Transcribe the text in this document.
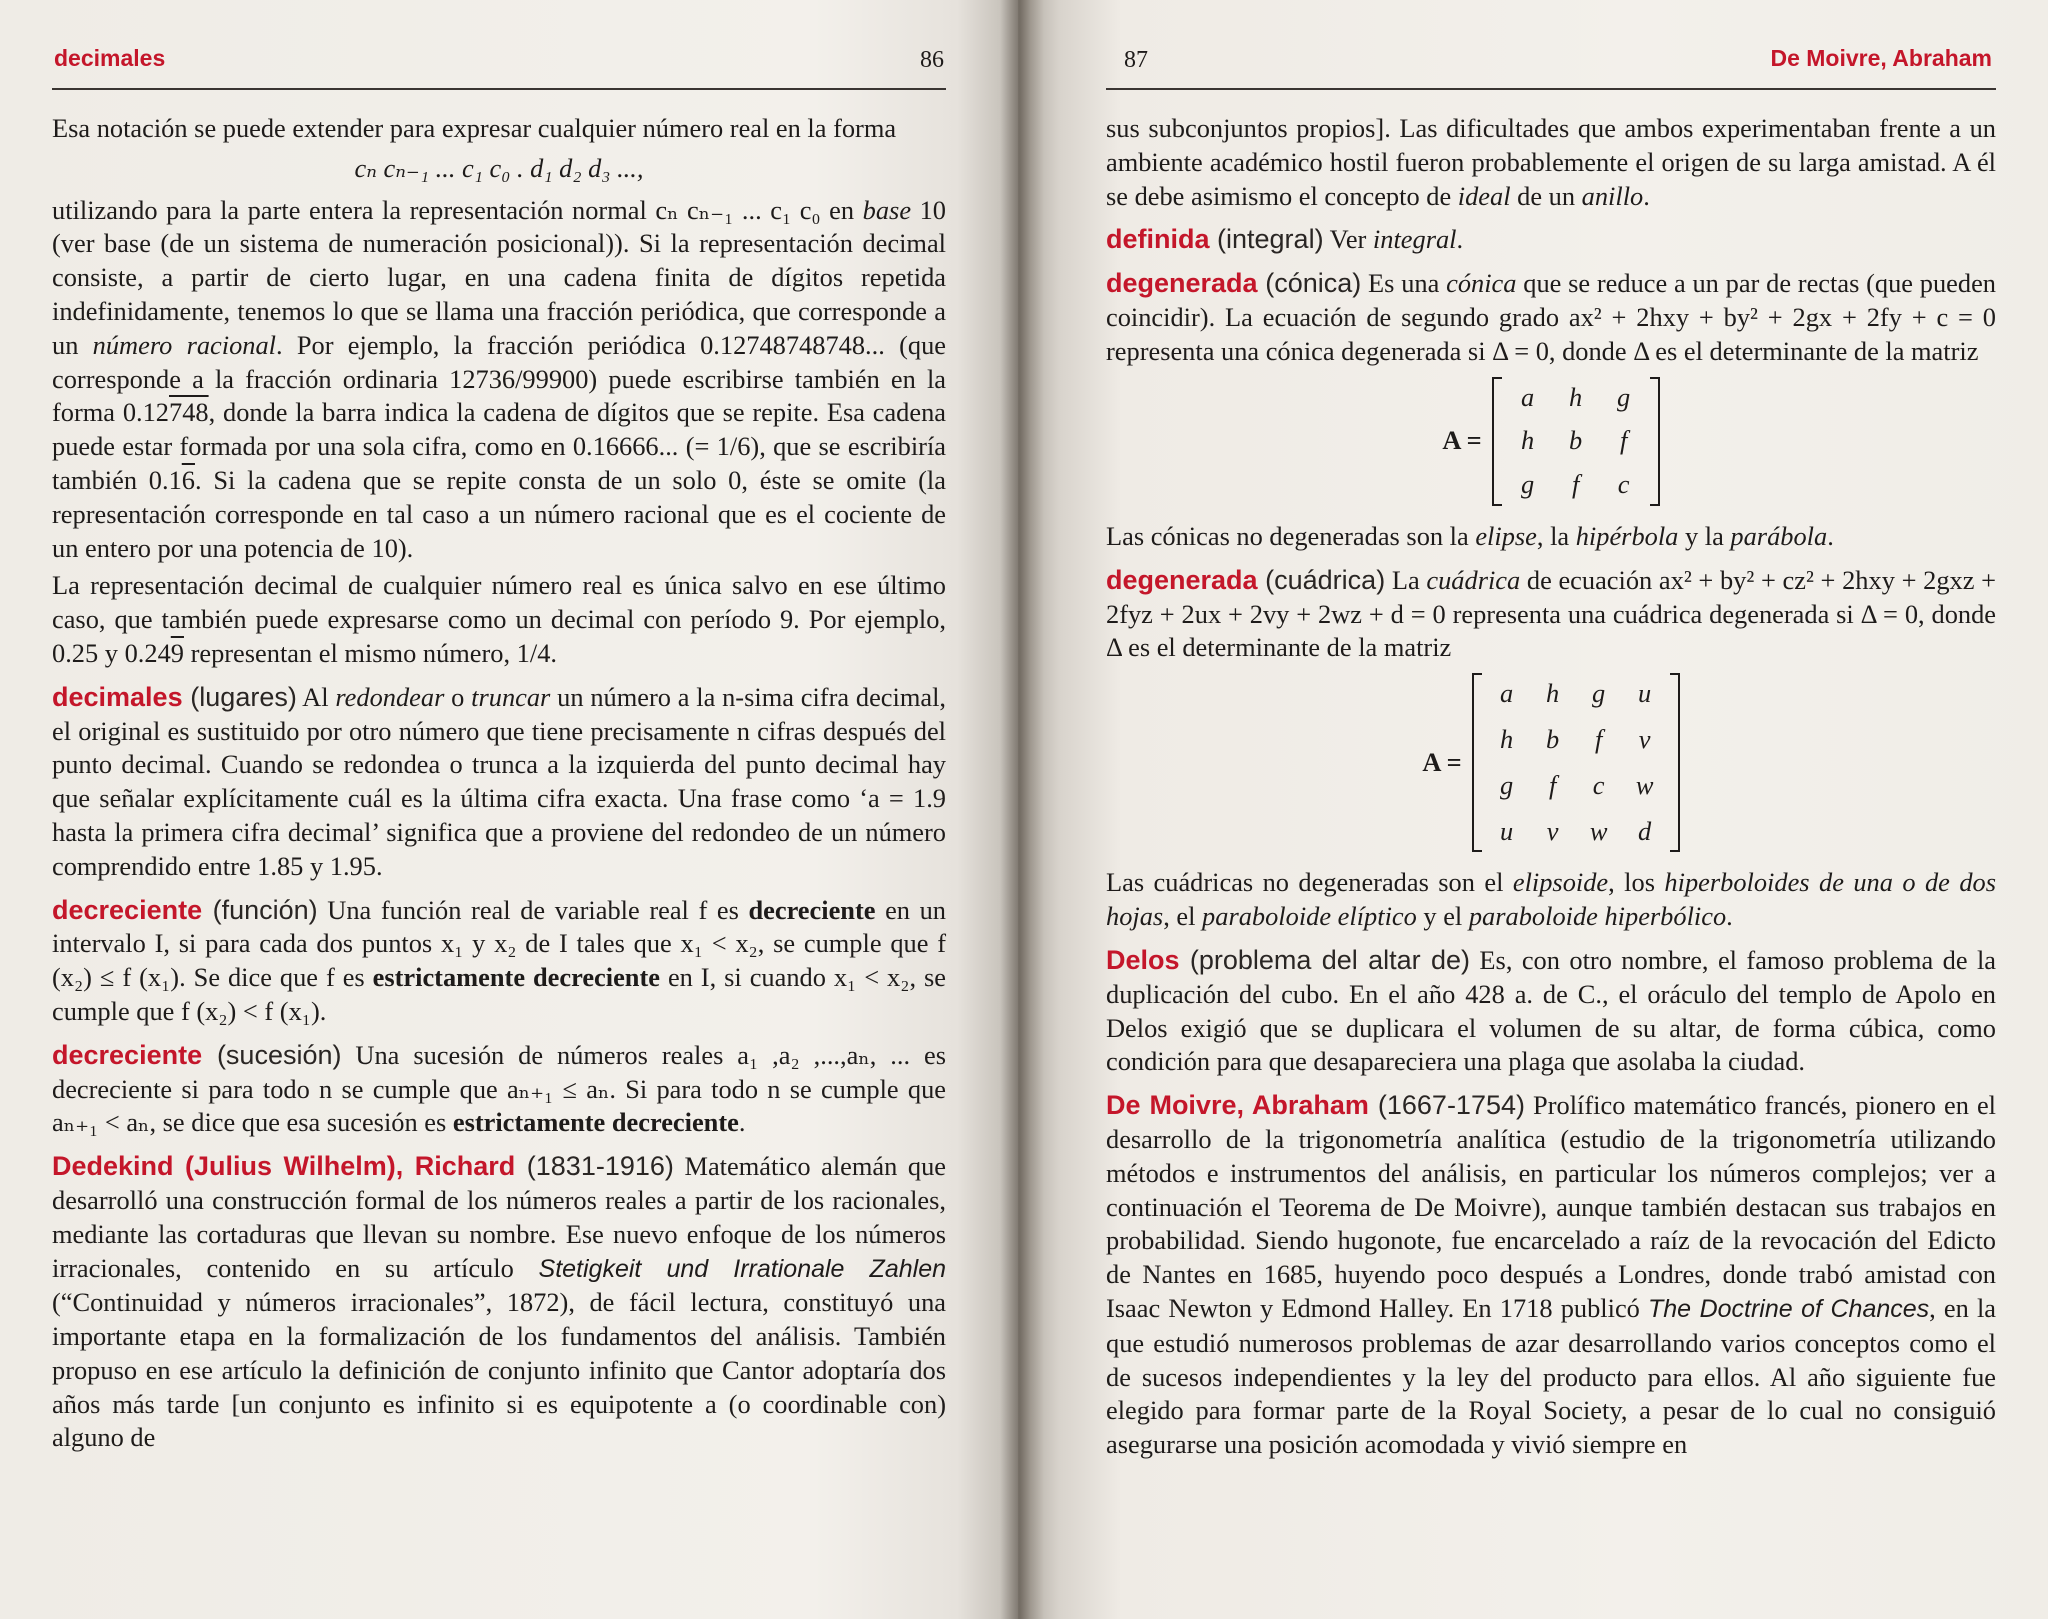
decimales	86

Esa notación se puede extender para expresar cualquier número real en la forma

cₙ cₙ₋₁ ... c₁ c₀ . d₁ d₂ d₃ ...,

utilizando para la parte entera la representación normal cₙ cₙ₋₁ ... c₁ c₀ en base 10 (ver base (de un sistema de numeración posicional)). Si la representación decimal consiste, a partir de cierto lugar, en una cadena finita de dígitos repetida indefinidamente, tenemos lo que se llama una fracción periódica, que corresponde a un número racional. Por ejemplo, la fracción periódica 0.12748748748... (que corresponde a la fracción ordinaria 12736/99900) puede escribirse también en la forma 0.12748, donde la barra indica la cadena de dígitos que se repite. Esa cadena puede estar formada por una sola cifra, como en 0.16666... (= 1/6), que se escribiría también 0.16. Si la cadena que se repite consta de un solo 0, éste se omite (la representación corresponde en tal caso a un número racional que es el cociente de un entero por una potencia de 10).

La representación decimal de cualquier número real es única salvo en ese último caso, que también puede expresarse como un decimal con período 9. Por ejemplo, 0.25 y 0.249 representan el mismo número, 1/4.

decimales (lugares) Al redondear o truncar un número a la n-sima cifra decimal, el original es sustituido por otro número que tiene precisamente n cifras después del punto decimal. Cuando se redondea o trunca a la izquierda del punto decimal hay que señalar explícitamente cuál es la última cifra exacta. Una frase como ‘a = 1.9 hasta la primera cifra decimal’ significa que a proviene del redondeo de un número comprendido entre 1.85 y 1.95.

decrecientе (función) Una función real de variable real f es decreciente en un intervalo I, si para cada dos puntos x₁ y x₂ de I tales que x₁ < x₂, se cumple que f (x₂) ≤ f (x₁). Se dice que f es estrictamente decreciente en I, si cuando x₁ < x₂, se cumple que f (x₂) < f (x₁).

decreciente (sucesión) Una sucesión de números reales a₁ ,a₂ ,...,aₙ, ... es decreciente si para todo n se cumple que aₙ₊₁ ≤ aₙ. Si para todo n se cumple que aₙ₊₁ < aₙ, se dice que esa sucesión es estrictamente decreciente.

Dedekind (Julius Wilhelm), Richard (1831-1916) Matemático alemán que desarrolló una construcción formal de los números reales a partir de los racionales, mediante las cortaduras que llevan su nombre. Ese nuevo enfoque de los números irracionales, contenido en su artículo Stetigkeit und Irrationale Zahlen (“Continuidad y números irracionales”, 1872), de fácil lectura, constituyó una importante etapa en la formalización de los fundamentos del análisis. También propuso en ese artículo la definición de conjunto infinito que Cantor adoptaría dos años más tarde [un conjunto es infinito si es equipotente a (o coordinable con) alguno de

87	De Moivre, Abraham

sus subconjuntos propios]. Las dificultades que ambos experimentaban frente a un ambiente académico hostil fueron probablemente el origen de su larga amistad. A él se debe asimismo el concepto de ideal de un anillo.

definida (integral) Ver integral.

degenerada (cónica) Es una cónica que se reduce a un par de rectas (que pueden coincidir). La ecuación de segundo grado ax² + 2hxy + by² + 2gx + 2fy + c = 0 representa una cónica degenerada si Δ = 0, donde Δ es el determinante de la matriz

A =
a	h	g
h	b	f
g	f	c

Las cónicas no degeneradas son la elipse, la hipérbola y la parábola.

degenerada (cuádrica) La cuádrica de ecuación ax² + by² + cz² + 2hxy + 2gxz + 2fyz + 2ux + 2vy + 2wz + d = 0 representa una cuádrica degenerada si Δ = 0, donde Δ es el determinante de la matriz

A =
a	h	g	u
h	b	f	v
g	f	c	w
u	v	w	d

Las cuádricas no degeneradas son el elipsoide, los hiperboloides de una o de dos hojas, el paraboloide elíptico y el paraboloide hiperbólico.

Delos (problema del altar de) Es, con otro nombre, el famoso problema de la duplicación del cubo. En el año 428 a. de C., el oráculo del templo de Apolo en Delos exigió que se duplicara el volumen de su altar, de forma cúbica, como condición para que desapareciera una plaga que asolaba la ciudad.

De Moivre, Abraham (1667-1754) Prolífico matemático francés, pionero en el desarrollo de la trigonometría analítica (estudio de la trigonometría utilizando métodos e instrumentos del análisis, en particular los números complejos; ver a continuación el Teorema de De Moivre), aunque también destacan sus trabajos en probabilidad. Siendo hugonote, fue encarcelado a raíz de la revocación del Edicto de Nantes en 1685, huyendo poco después a Londres, donde trabó amistad con Isaac Newton y Edmond Halley. En 1718 publicó The Doctrine of Chances, en la que estudió numerosos problemas de azar desarrollando varios conceptos como el de sucesos independientes y la ley del producto para ellos. Al año siguiente fue elegido para formar parte de la Royal Society, a pesar de lo cual no consiguió asegurarse una posición acomodada y vivió siempre en
